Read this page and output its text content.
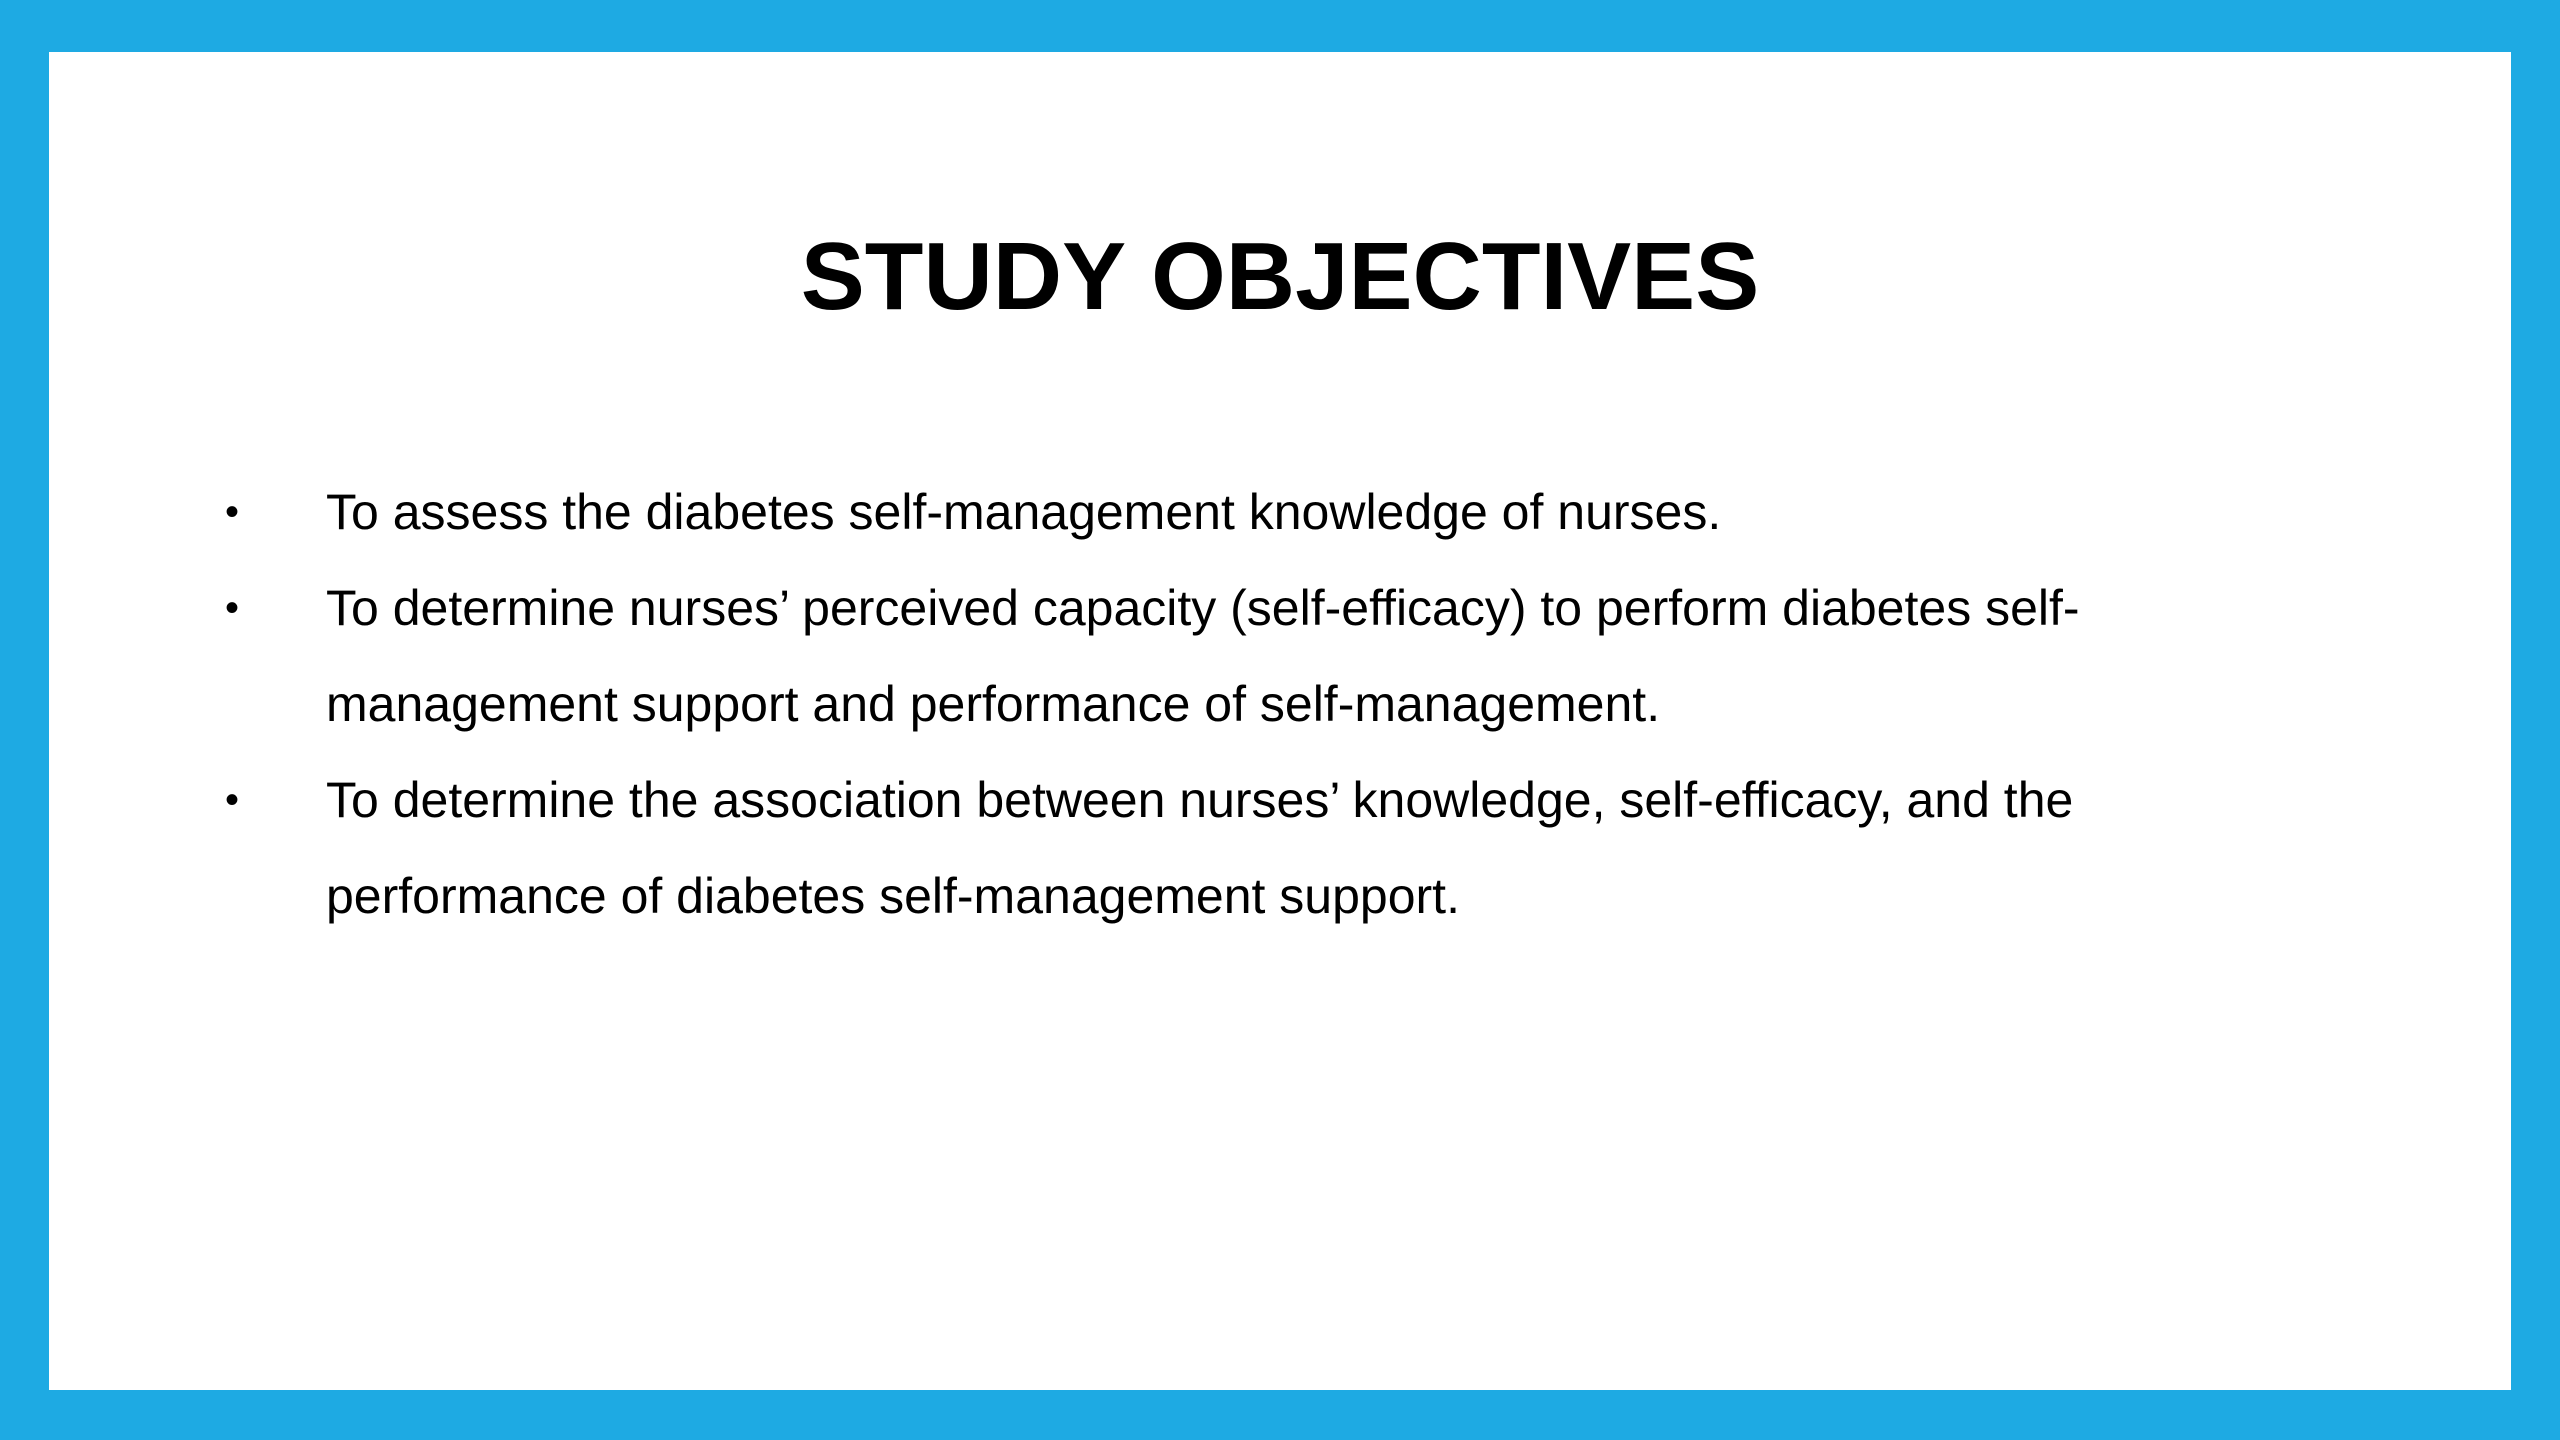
STUDY OBJECTIVES
• To assess the diabetes self-management knowledge of nurses.
• To determine nurses’ perceived capacity (self-efficacy) to perform diabetes self-management support and performance of self-management.
• To determine the association between nurses’ knowledge, self-efficacy, and the performance of diabetes self-management support.
